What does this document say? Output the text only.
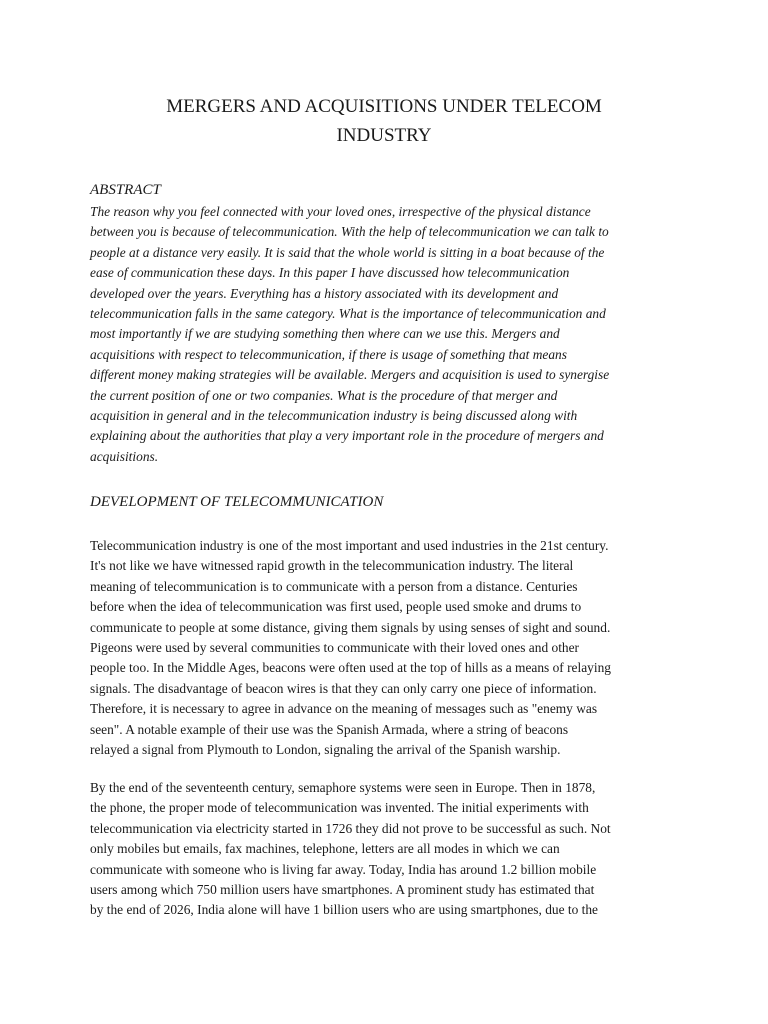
MERGERS AND ACQUISITIONS UNDER TELECOM
INDUSTRY
ABSTRACT
The reason why you feel connected with your loved ones, irrespective of the physical distance
between you is because of telecommunication. With the help of telecommunication we can talk to
people at a distance very easily. It is said that the whole world is sitting in a boat because of the
ease of communication these days. In this paper I have discussed how telecommunication
developed over the years. Everything has a history associated with its development and
telecommunication falls in the same category. What is the importance of telecommunication and
most importantly if we are studying something then where can we use this. Mergers and
acquisitions with respect to telecommunication, if there is usage of something that means
different money making strategies will be available. Mergers and acquisition is used to synergise
the current position of one or two companies. What is the procedure of that merger and
acquisition in general and in the telecommunication industry is being discussed along with
explaining about the authorities that play a very important role in the procedure of mergers and
acquisitions.
DEVELOPMENT OF TELECOMMUNICATION
Telecommunication industry is one of the most important and used industries in the 21st century.
It's not like we have witnessed rapid growth in the telecommunication industry. The literal
meaning of telecommunication is to communicate with a person from a distance. Centuries
before when the idea of telecommunication was first used, people used smoke and drums to
communicate to people at some distance, giving them signals by using senses of sight and sound.
Pigeons were used by several communities to communicate with their loved ones and other
people too. In the Middle Ages, beacons were often used at the top of hills as a means of relaying
signals. The disadvantage of beacon wires is that they can only carry one piece of information.
Therefore, it is necessary to agree in advance on the meaning of messages such as "enemy was
seen". A notable example of their use was the Spanish Armada, where a string of beacons
relayed a signal from Plymouth to London, signaling the arrival of the Spanish warship.
By the end of the seventeenth century, semaphore systems were seen in Europe. Then in 1878,
the phone, the proper mode of telecommunication was invented. The initial experiments with
telecommunication via electricity started in 1726 they did not prove to be successful as such. Not
only mobiles but emails, fax machines, telephone, letters are all modes in which we can
communicate with someone who is living far away. Today, India has around 1.2 billion mobile
users among which 750 million users have smartphones. A prominent study has estimated that
by the end of 2026, India alone will have 1 billion users who are using smartphones, due to the
